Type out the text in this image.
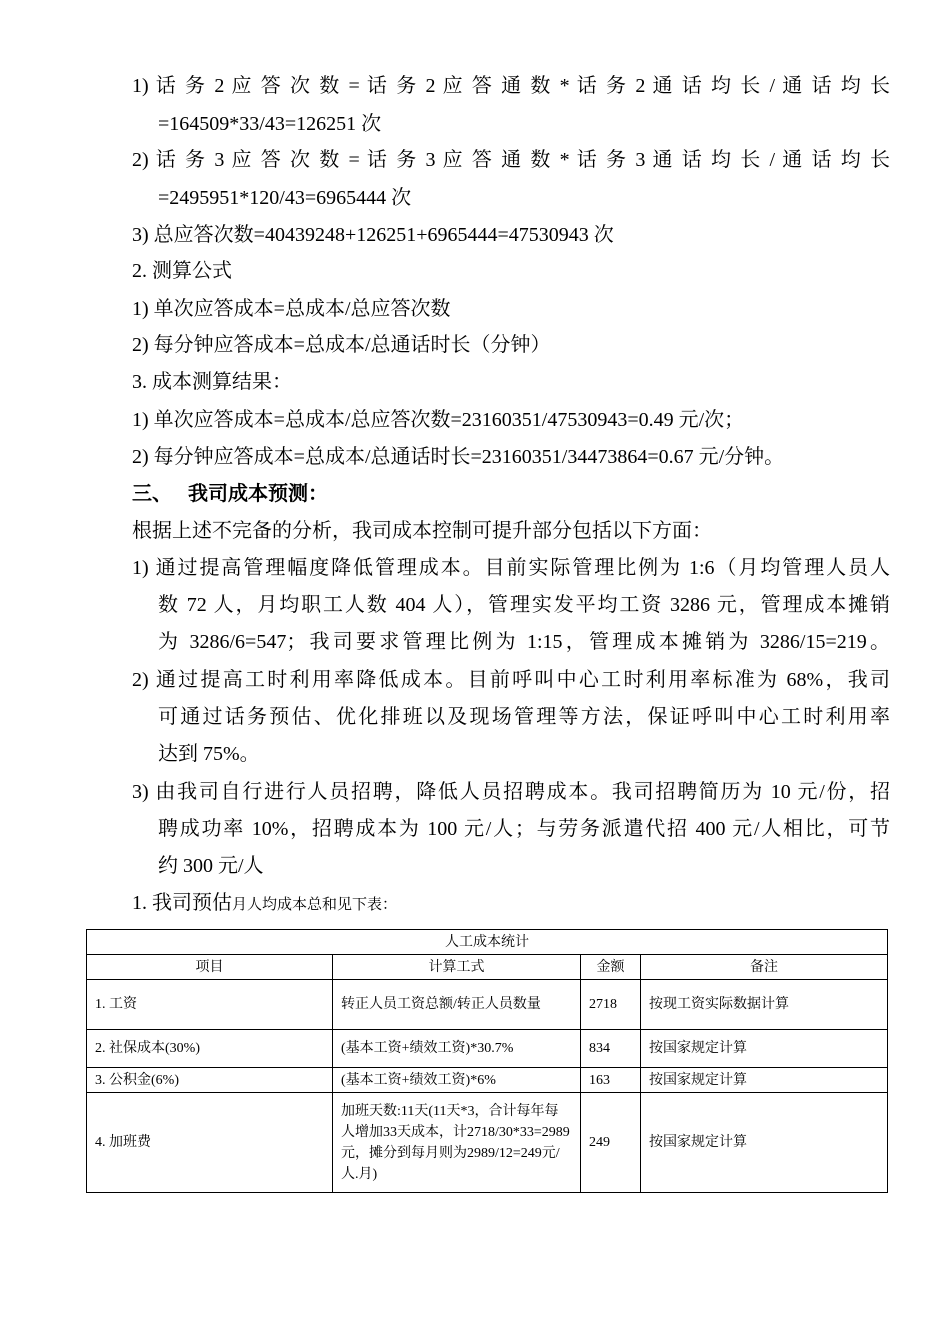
1) 话 务 2 应 答 次 数 = 话 务 2 应 答 通 数 * 话 务 2 通 话 均 长 / 通 话 均 长
=164509*33/43=126251 次
2) 话 务 3 应 答 次 数 = 话 务 3 应 答 通 数 * 话 务 3 通 话 均 长 / 通 话 均 长
=2495951*120/43=6965444 次
3) 总应答次数=40439248+126251+6965444=47530943 次
2. 测算公式
1) 单次应答成本=总成本/总应答次数
2) 每分钟应答成本=总成本/总通话时长（分钟）
3. 成本测算结果：
1) 单次应答成本=总成本/总应答次数=23160351/47530943=0.49 元/次；
2) 每分钟应答成本=总成本/总通话时长=23160351/34473864=0.67 元/分钟。
三、 我司成本预测：
根据上述不完备的分析，我司成本控制可提升部分包括以下方面：
1) 通过提高管理幅度降低管理成本。目前实际管理比例为 1:6（月均管理人员人
数 72 人，月均职工人数 404 人），管理实发平均工资 3286 元，管理成本摊销
为 3286/6=547；我司要求管理比例为 1:15，管理成本摊销为 3286/15=219。
2) 通过提高工时利用率降低成本。目前呼叫中心工时利用率标准为 68%，我司
可通过话务预估、优化排班以及现场管理等方法，保证呼叫中心工时利用率
达到 75%。
3) 由我司自行进行人员招聘，降低人员招聘成本。我司招聘简历为 10 元/份，招
聘成功率 10%，招聘成本为 100 元/人；与劳务派遣代招 400 元/人相比，可节
约 300 元/人
1. 我司预估月人均成本总和见下表：
人工成本统计			
项目	计算工式	金额	备注
1. 工资	转正人员工资总额/转正人员数量	2718	按现工资实际数据计算
2. 社保成本(30%)	(基本工资+绩效工资)*30.7%	834	按国家规定计算
3. 公积金(6%)	(基本工资+绩效工资)*6%	163	按国家规定计算
4. 加班费	加班天数:11天(11天*3，合计每年每人增加33天成本，计2718/30*33=2989元，摊分到每月则为2989/12=249元/人.月)	249	按国家规定计算
